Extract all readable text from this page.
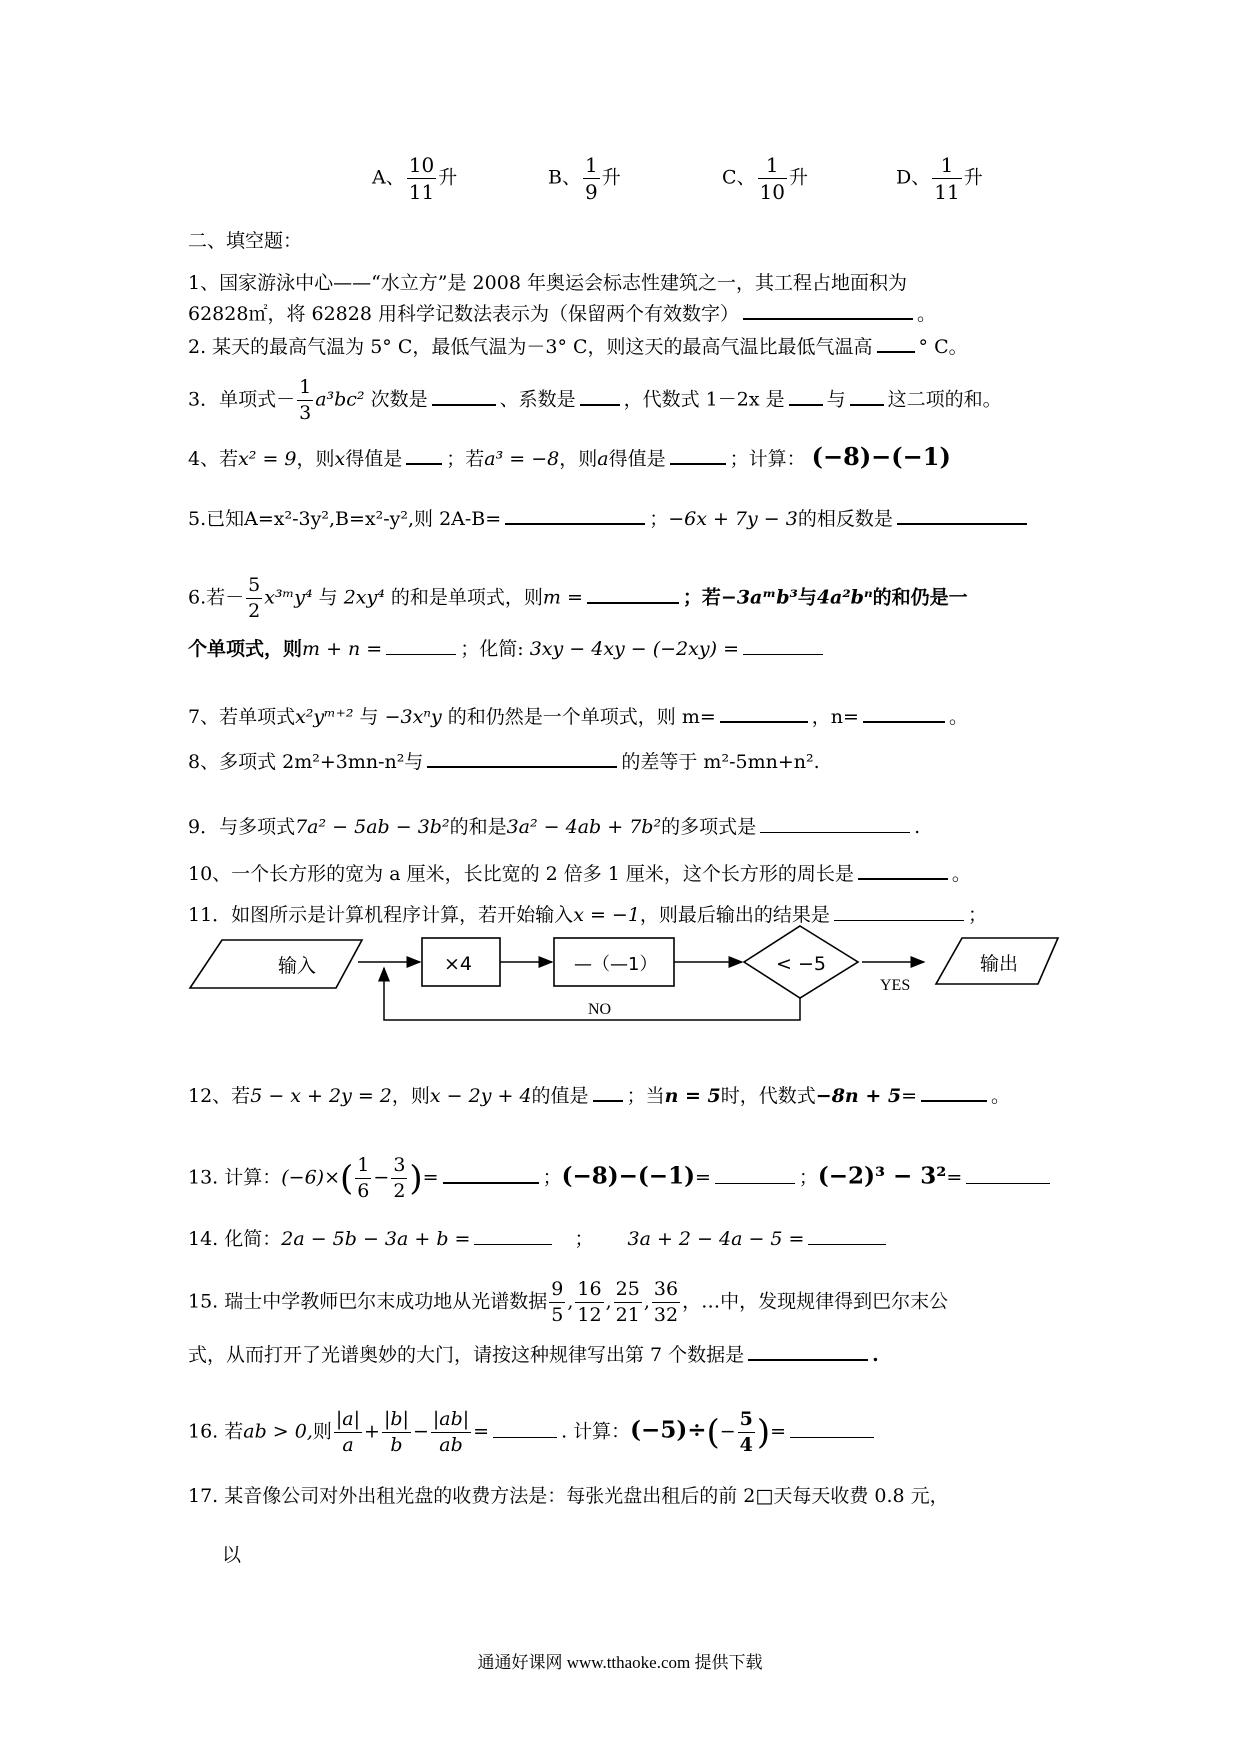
A、 $\frac{10}{11}$ 升	B、 $\frac{1}{9}$ 升	C、 $\frac{1}{10}$ 升	D、 $\frac{1}{11}$ 升
二、填空题：
1、国家游泳中心——“水立方”是 2008 年奥运会标志性建筑之一，其工程占地面积为
62828㎡，将 62828 用科学记数法表示为（保留两个有效数字）	。
2. 某天的最高气温为 5° C，最低气温为－3° C，则这天的最高气温比最低气温高 ° C。
3．单项式－ $\frac{1}{3} a^3bc^2$ 次数是	、系数是	，代数式 1－2x 是 与 这二项的和。
4、若x² = 9，则x得值是 ；若a³ = −8，则a得值是	；计算： (−8)−(−1)
5.已知A=x²-3y²,B=x²-y²,则 2A-B=	；−6x + 7y − 3的相反数是
6.若－ $\frac{5}{2}$ x³ᵐy⁴ 与 2xy⁴ 的和是单项式，则m =	；若−3aᵐb³与4a²bⁿ的和仍是一
个单项式，则m + n =	；化简: 3xy − 4xy − (−2xy) =
7、若单项式x²yᵐ⁺² 与 −3xⁿy 的和仍然是一个单项式，则 m=	，n=	。
8、多项式 2m²+3mn-n²与	的差等于 m²-5mn+n².
9．与多项式7a² − 5ab − 3b²的和是3a² − 4ab + 7b²的多项式是	.
10、一个长方形的宽为 a 厘米，长比宽的 2 倍多 1 厘米，这个长方形的周长是	。
11．如图所示是计算机程序计算，若开始输入x = −1，则最后输出的结果是	；
输入	×4	—（—1）	< −5
YES
输出
NO
12、若5 − x + 2y = 2，则x − 2y + 4的值是 ；当n = 5时，代数式−8n + 5=	。
13. 计算：$(-6)\times( \frac{1}{6} - \frac{3}{2}$ )=	；(−8)−(−1)=	；(−2)³ − 3²=
14. 化简：2a − 5b − 3a + b =	； 3a + 2 − 4a − 5 =
15. 瑞士中学教师巴尔末成功地从光谱数据 $\frac{9}{5}$ , $\frac{16}{12}$ , $\frac{25}{21}$ , $\frac{36}{32}$ ，…中，发现规律得到巴尔末公
式，从而打开了光谱奥妙的大门，请按这种规律写出第 7 个数据是	.
16. 若ab > 0,则 $\frac{|a|}{a} + \frac{|b|}{b} - \frac{|ab|}{ab}$ =	. 计算：$(-5)\div(- \frac{5}{4}$ )=
17. 某音像公司对外出租光盘的收费方法是：每张光盘出租后的前 2□天每天收费 0.8 元，
以
通通好课网 www.tthaoke.com 提供下载
